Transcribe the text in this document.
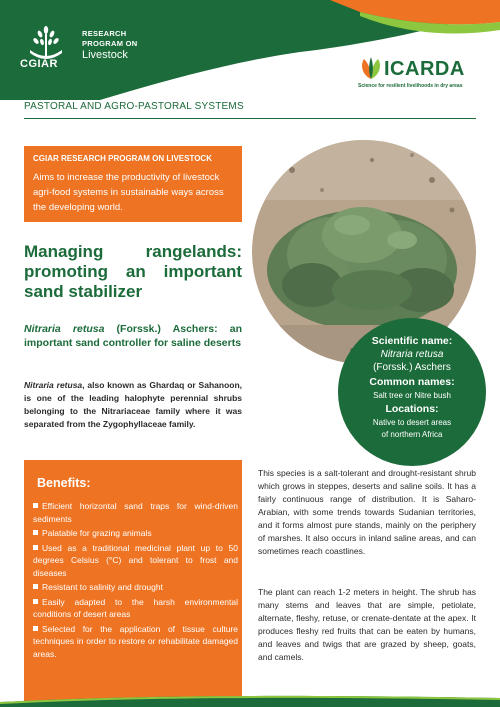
CGIAR
RESEARCH
PROGRAM ON
Livestock
ICARDA
Science for resilient livelihoods in dry areas
PASTORAL AND AGRO-PASTORAL SYSTEMS
CGIAR RESEARCH PROGRAM ON LIVESTOCK
Aims to increase the productivity of livestock agri-food systems in sustainable ways across the developing world.
Managing rangelands: promoting an important sand stabilizer
Nitraria retusa (Forssk.) Aschers: an important sand controller for saline deserts
Nitraria retusa, also known as Ghardaq or Sahanoon, is one of the leading halophyte perennial shrubs belonging to the Nitrariaceae family where it was separated from the Zygophyllaceae family.
Scientific name:
Nitraria retusa
(Forssk.) Aschers
Common names:
Salt tree or Nitre bush
Locations:
Native to desert areas
of northern Africa
Benefits:
Efficient horizontal sand traps for wind-driven sediments
Palatable for grazing animals
Used as a traditional medicinal plant up to 50 degrees Celsius (°C) and tolerant to frost and diseases
Resistant to salinity and drought
Easily adapted to the harsh environmental conditions of desert areas
Selected for the application of tissue culture techniques in order to restore or rehabilitate damaged areas.
This species is a salt-tolerant and drought-resistant shrub which grows in steppes, deserts and saline soils. It has a fairly continuous range of distribution. It is Saharo-Arabian, with some trends towards Sudanian territories, and it forms almost pure stands, mainly on the periphery of marshes. It also occurs in inland saline areas, and can sometimes reach coastlines.
The plant can reach 1-2 meters in height. The shrub has many stems and leaves that are simple, petiolate, alternate, fleshy, retuse, or crenate-dentate at the apex. It produces fleshy red fruits that can be eaten by humans, and leaves and twigs that are grazed by sheep, goats, and camels.
